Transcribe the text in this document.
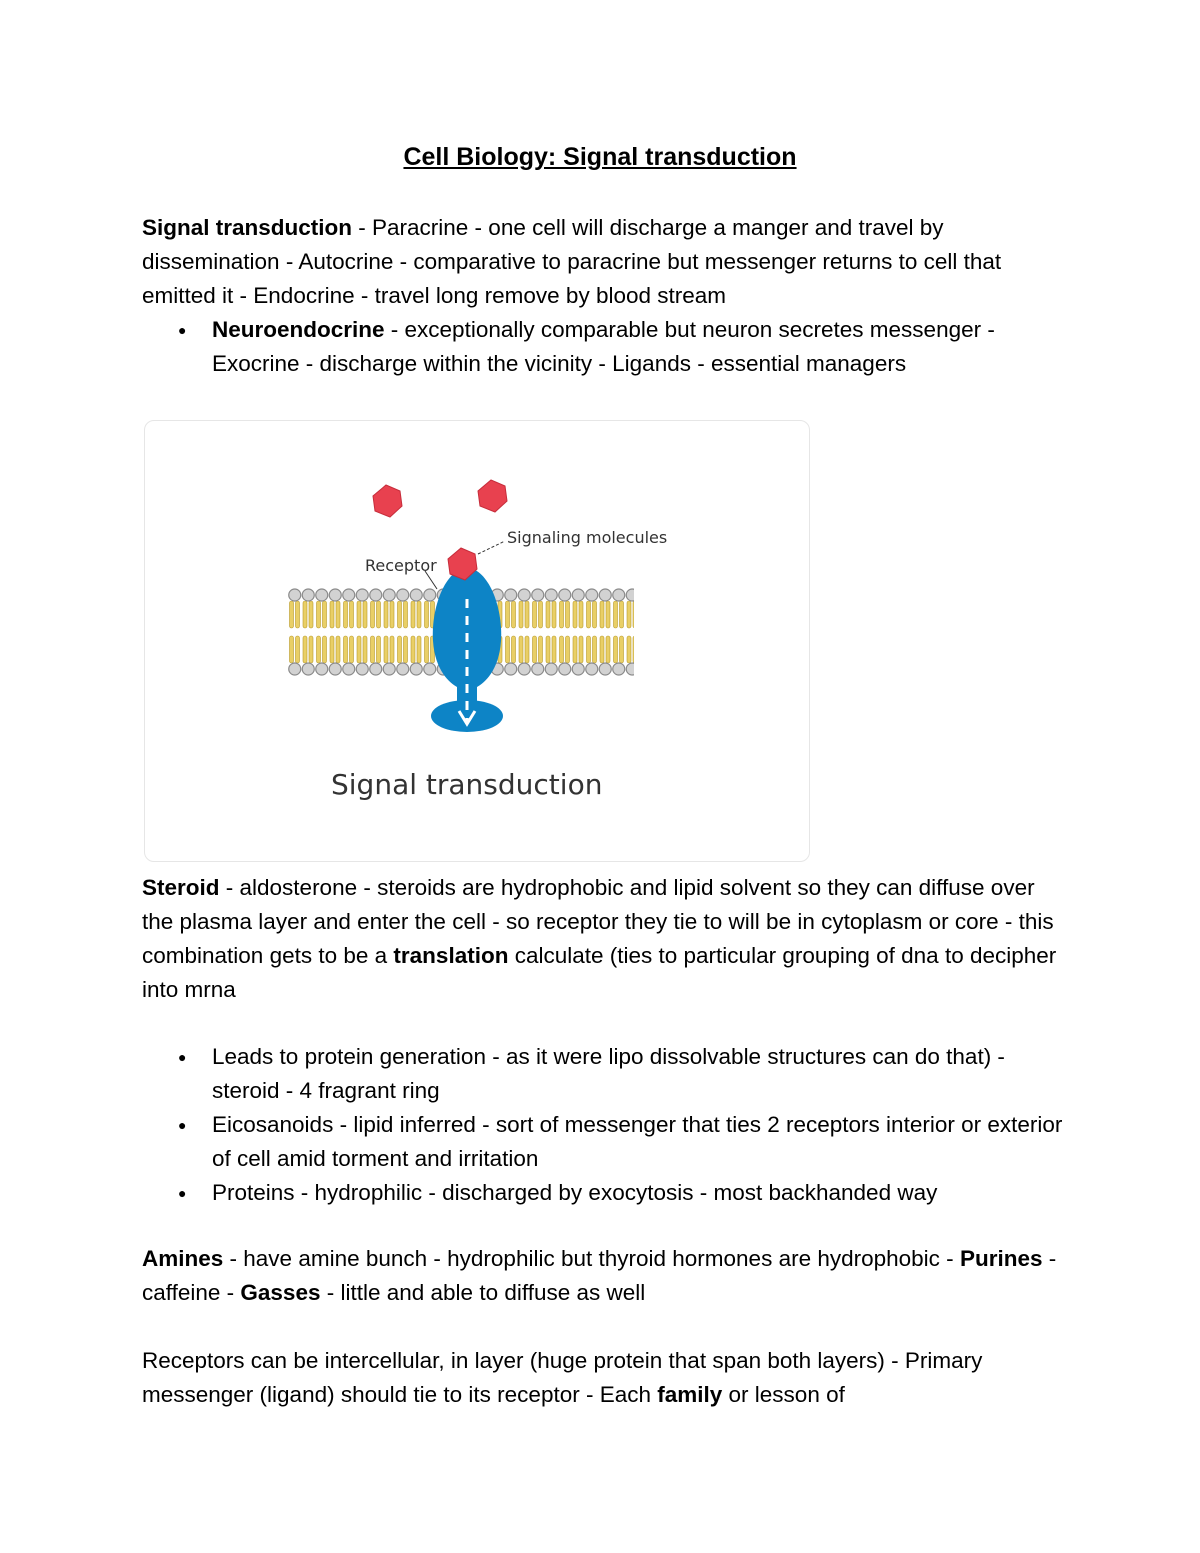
Cell Biology: Signal transduction

Signal transduction - Paracrine - one cell will discharge a manger and travel by dissemination - Autocrine - comparative to paracrine but messenger returns to cell that emitted it - Endocrine - travel long remove by blood stream

● Neuroendocrine - exceptionally comparable but neuron secretes messenger - Exocrine - discharge within the vicinity - Ligands - essential managers
Signaling molecules
Receptor
Signal transduction

Steroid - aldosterone - steroids are hydrophobic and lipid solvent so they can diffuse over the plasma layer and enter the cell - so receptor they tie to will be in cytoplasm or core - this combination gets to be a translation calculate (ties to particular grouping of dna to decipher into mrna

● Leads to protein generation - as it were lipo dissolvable structures can do that) - steroid - 4 fragrant ring
● Eicosanoids - lipid inferred - sort of messenger that ties 2 receptors interior or exterior of cell amid torment and irritation
● Proteins - hydrophilic - discharged by exocytosis - most backhanded way

Amines - have amine bunch - hydrophilic but thyroid hormones are hydrophobic - Purines - caffeine - Gasses - little and able to diffuse as well

Receptors can be intercellular, in layer (huge protein that span both layers) - Primary messenger (ligand) should tie to its receptor - Each family or lesson of
